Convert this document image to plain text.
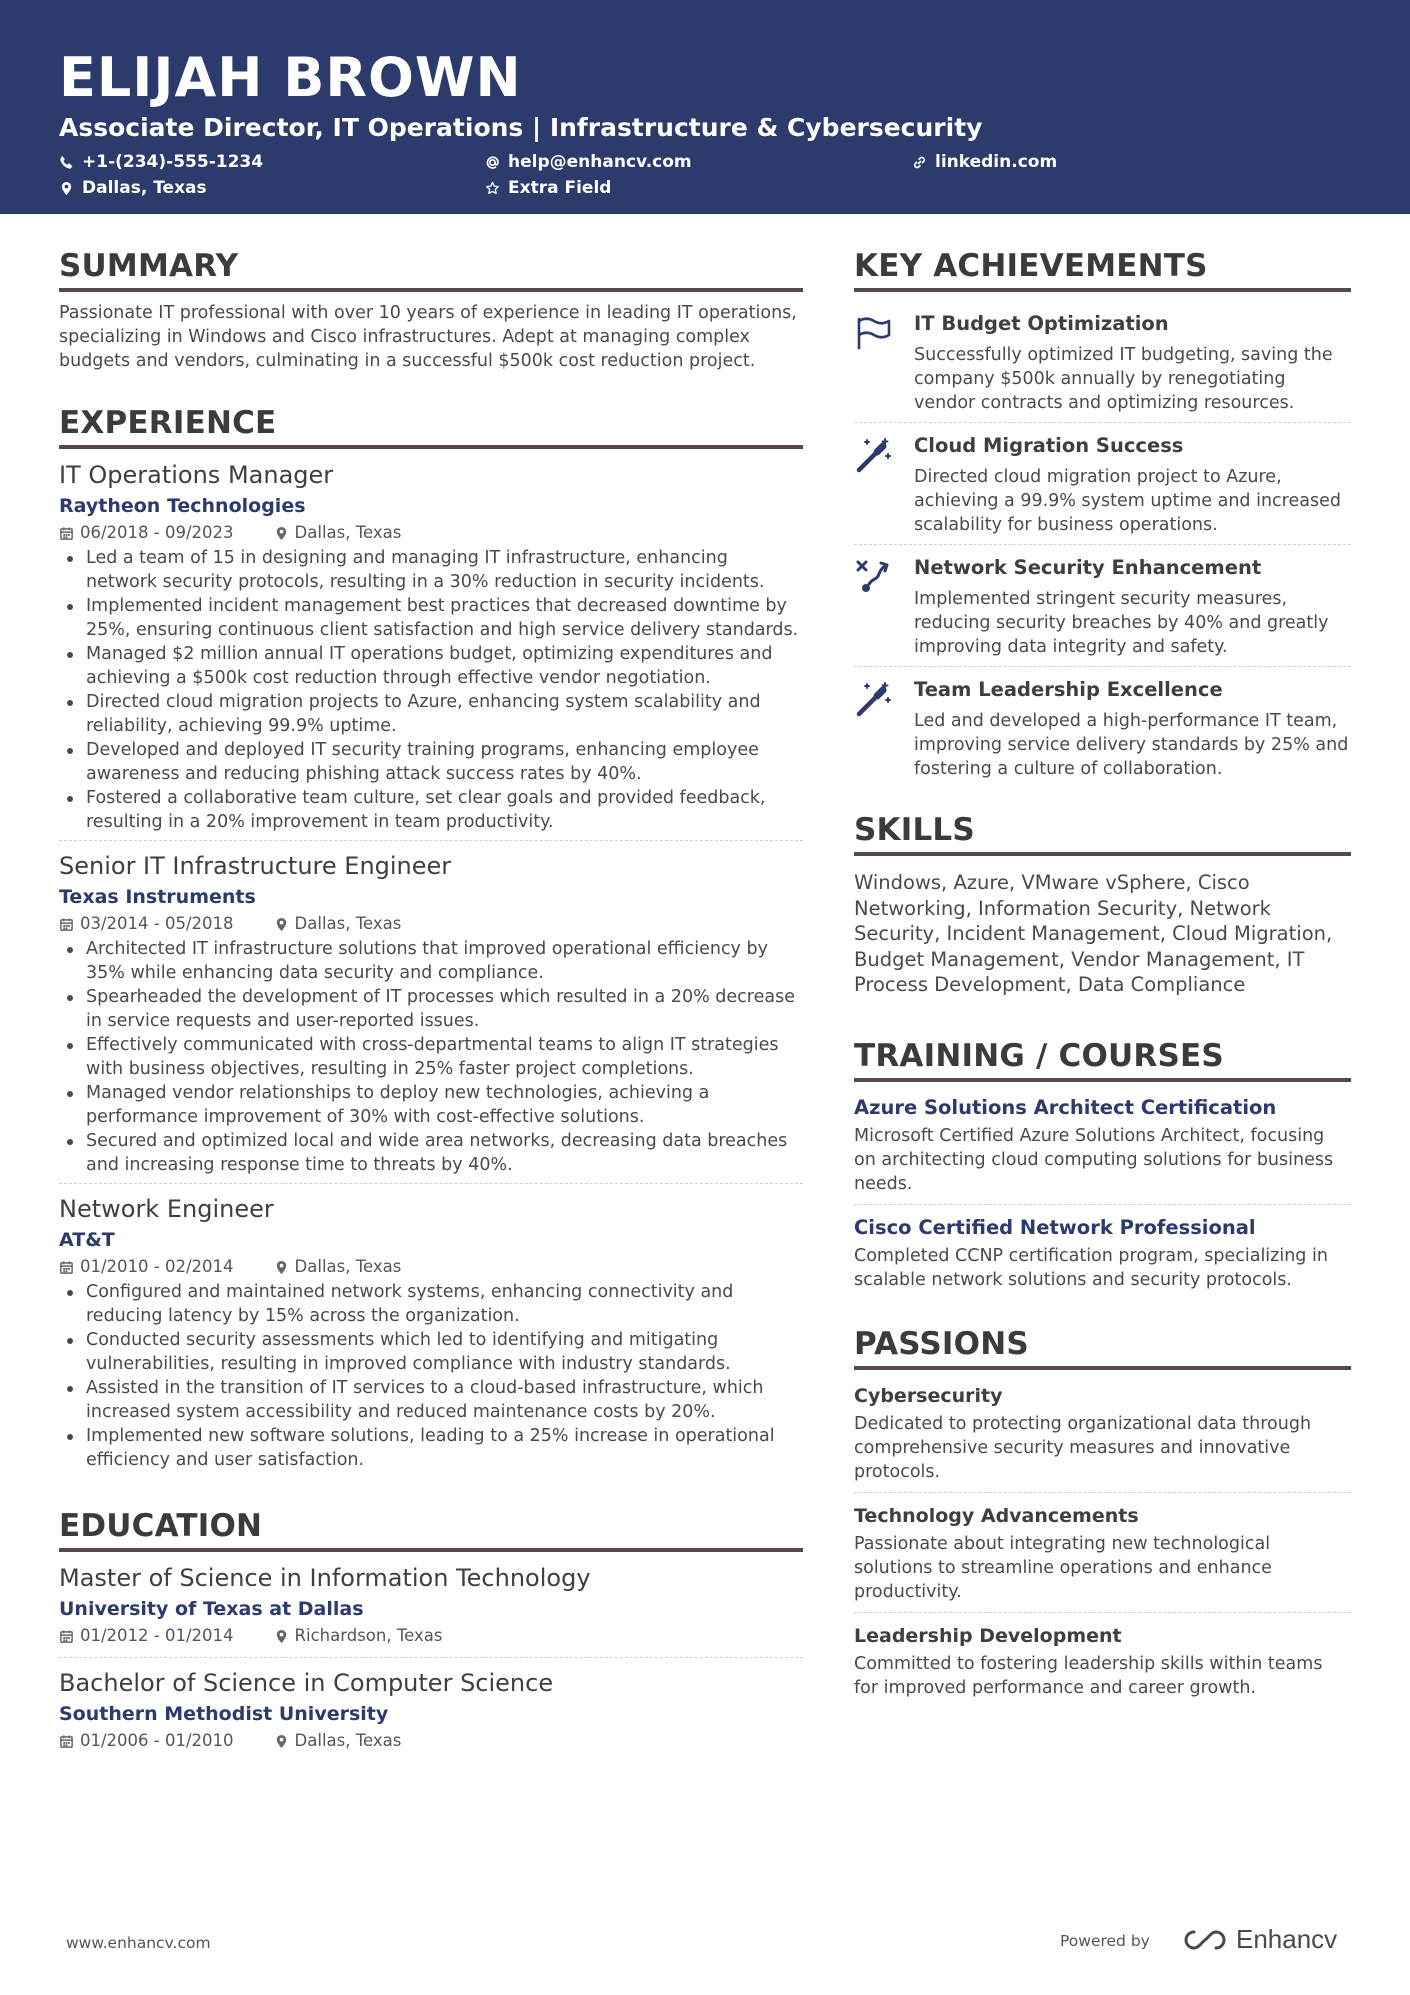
ELIJAH BROWN
Associate Director, IT Operations | Infrastructure & Cybersecurity
+1-(234)-555-1234	help@enhancv.com	linkedin.com
Dallas, Texas	Extra Field
SUMMARY
Passionate IT professional with over 10 years of experience in leading IT operations, specializing in Windows and Cisco infrastructures. Adept at managing complex budgets and vendors, culminating in a successful $500k cost reduction project.
EXPERIENCE
IT Operations Manager
Raytheon Technologies
06/2018 - 09/2023	Dallas, Texas
Led a team of 15 in designing and managing IT infrastructure, enhancing network security protocols, resulting in a 30% reduction in security incidents.
Implemented incident management best practices that decreased downtime by 25%, ensuring continuous client satisfaction and high service delivery standards.
Managed $2 million annual IT operations budget, optimizing expenditures and achieving a $500k cost reduction through effective vendor negotiation.
Directed cloud migration projects to Azure, enhancing system scalability and reliability, achieving 99.9% uptime.
Developed and deployed IT security training programs, enhancing employee awareness and reducing phishing attack success rates by 40%.
Fostered a collaborative team culture, set clear goals and provided feedback, resulting in a 20% improvement in team productivity.
Senior IT Infrastructure Engineer
Texas Instruments
03/2014 - 05/2018	Dallas, Texas
Architected IT infrastructure solutions that improved operational efficiency by 35% while enhancing data security and compliance.
Spearheaded the development of IT processes which resulted in a 20% decrease in service requests and user-reported issues.
Effectively communicated with cross-departmental teams to align IT strategies with business objectives, resulting in 25% faster project completions.
Managed vendor relationships to deploy new technologies, achieving a performance improvement of 30% with cost-effective solutions.
Secured and optimized local and wide area networks, decreasing data breaches and increasing response time to threats by 40%.
Network Engineer
AT&T
01/2010 - 02/2014	Dallas, Texas
Configured and maintained network systems, enhancing connectivity and reducing latency by 15% across the organization.
Conducted security assessments which led to identifying and mitigating vulnerabilities, resulting in improved compliance with industry standards.
Assisted in the transition of IT services to a cloud-based infrastructure, which increased system accessibility and reduced maintenance costs by 20%.
Implemented new software solutions, leading to a 25% increase in operational efficiency and user satisfaction.
EDUCATION
Master of Science in Information Technology
University of Texas at Dallas
01/2012 - 01/2014	Richardson, Texas
Bachelor of Science in Computer Science
Southern Methodist University
01/2006 - 01/2010	Dallas, Texas
KEY ACHIEVEMENTS
IT Budget Optimization
Successfully optimized IT budgeting, saving the company $500k annually by renegotiating vendor contracts and optimizing resources.
Cloud Migration Success
Directed cloud migration project to Azure, achieving a 99.9% system uptime and increased scalability for business operations.
Network Security Enhancement
Implemented stringent security measures, reducing security breaches by 40% and greatly improving data integrity and safety.
Team Leadership Excellence
Led and developed a high-performance IT team, improving service delivery standards by 25% and fostering a culture of collaboration.
SKILLS
Windows, Azure, VMware vSphere, Cisco Networking, Information Security, Network Security, Incident Management, Cloud Migration, Budget Management, Vendor Management, IT Process Development, Data Compliance
TRAINING / COURSES
Azure Solutions Architect Certification
Microsoft Certified Azure Solutions Architect, focusing on architecting cloud computing solutions for business needs.
Cisco Certified Network Professional
Completed CCNP certification program, specializing in scalable network solutions and security protocols.
PASSIONS
Cybersecurity
Dedicated to protecting organizational data through comprehensive security measures and innovative protocols.
Technology Advancements
Passionate about integrating new technological solutions to streamline operations and enhance productivity.
Leadership Development
Committed to fostering leadership skills within teams for improved performance and career growth.
www.enhancv.com	Powered by	Enhancv
